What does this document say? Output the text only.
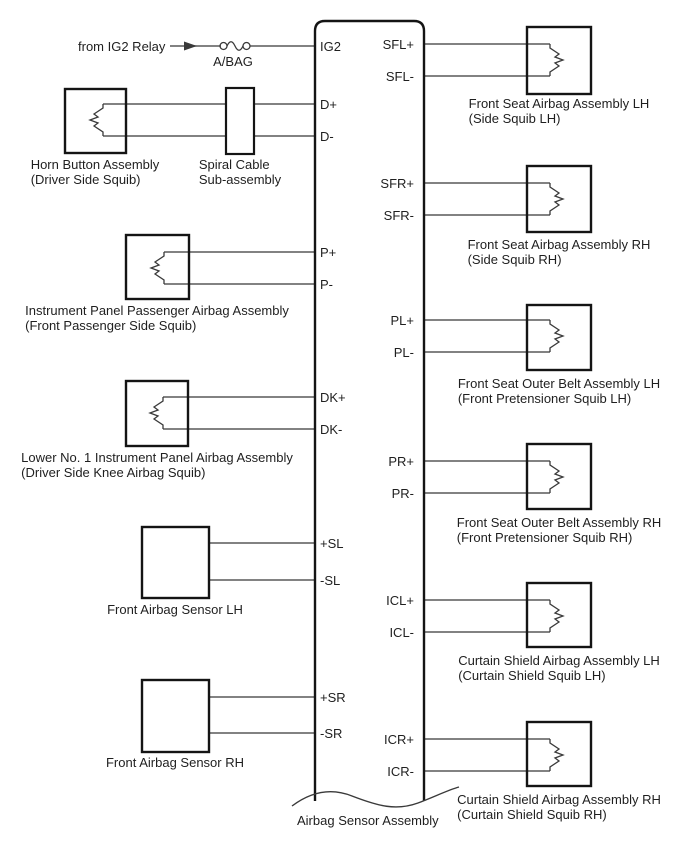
from IG2 Relay
A/BAG
IG2
D+
D-
P+
P-
DK+
DK-
+SL
-SL
+SR
-SR
SFL+
SFL-
SFR+
SFR-
PL+
PL-
PR+
PR-
ICL+
ICL-
ICR+
ICR-
Horn Button Assembly
(Driver Side Squib)
Spiral Cable
Sub-assembly
Instrument Panel Passenger Airbag Assembly
(Front Passenger Side Squib)
Lower No. 1 Instrument Panel Airbag Assembly
(Driver Side Knee Airbag Squib)
Front Airbag Sensor LH
Front Airbag Sensor RH
Front Seat Airbag Assembly LH
(Side Squib LH)
Front Seat Airbag Assembly RH
(Side Squib RH)
Front Seat Outer Belt Assembly LH
(Front Pretensioner Squib LH)
Front Seat Outer Belt Assembly RH
(Front Pretensioner Squib RH)
Curtain Shield Airbag Assembly LH
(Curtain Shield Squib LH)
Curtain Shield Airbag Assembly RH
(Curtain Shield Squib RH)
Airbag Sensor Assembly
